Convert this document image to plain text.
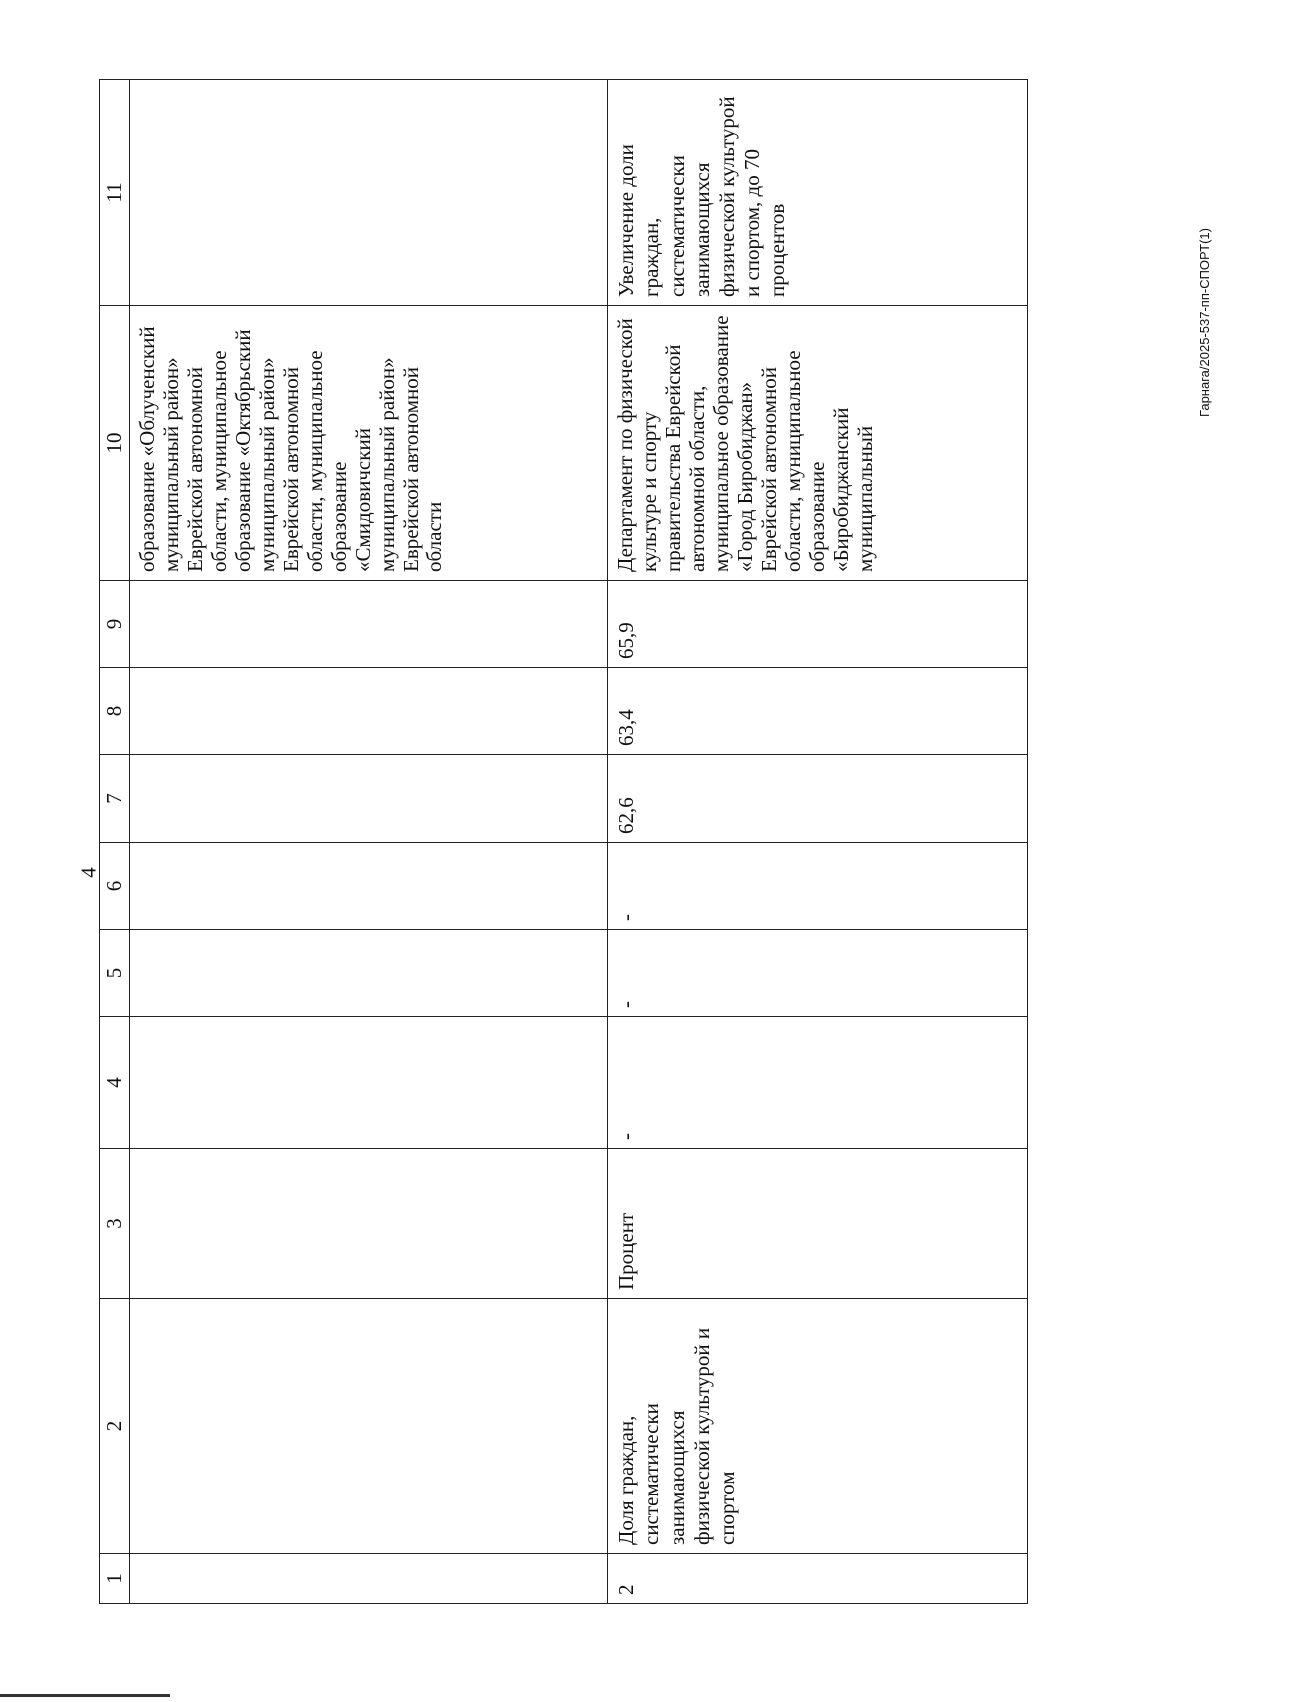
4
1	2	3	4	5	6	7	8	9	10	11
									образование «Облученский муниципальный район» Еврейской автономной области, муниципальное образование «Октябрьский муниципальный район» Еврейской автономной области, муниципальное образование «Смидовичский муниципальный район» Еврейской автономной области	
2	Доля граждан, систематически занимающихся физической культурой и спортом	Процент	-	-	-	62,6	63,4	65,9	Департамент по физической культуре и спорту правительства Еврейской автономной области, муниципальное образование «Город Биробиджан» Еврейской автономной области, муниципальное образование «Биробиджанский муниципальный	Увеличение доли граждан, систематически занимающихся физической культурой и спортом, до 70 процентов	Гарнага/2025-537-пп-СПОРТ(1)
